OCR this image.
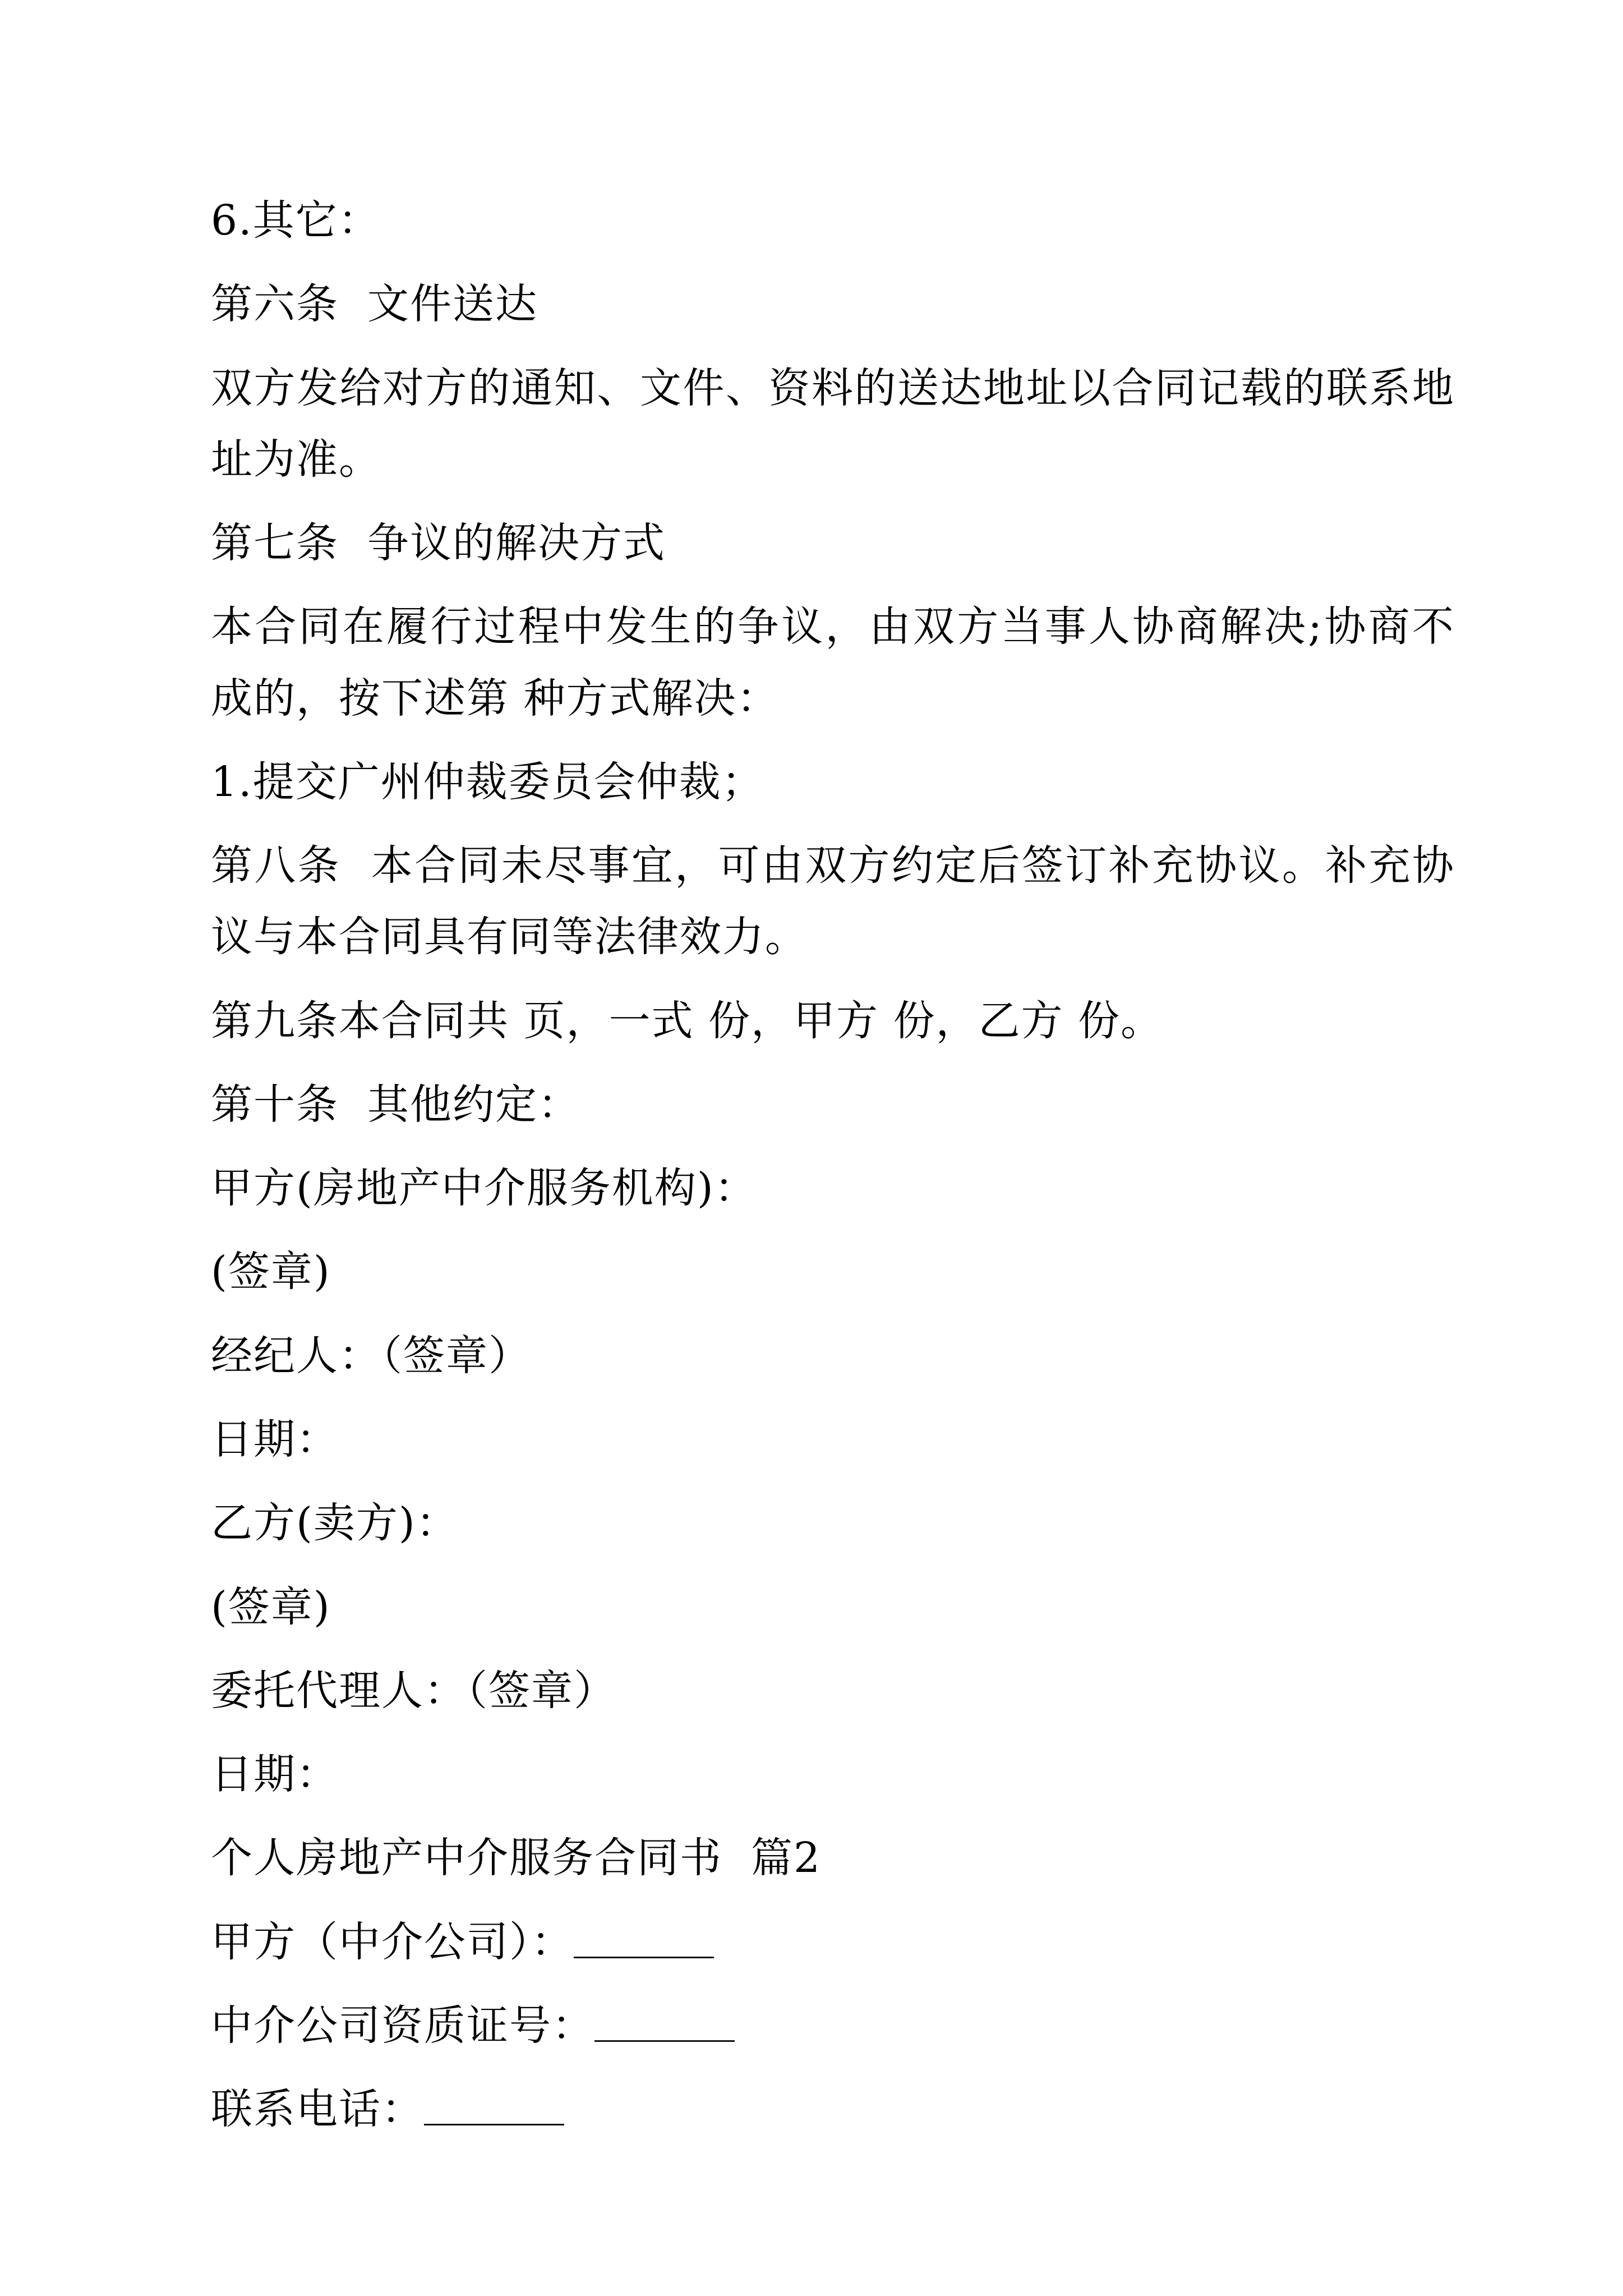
6.其它：

第六条  文件送达

双方发给对方的通知、文件、资料的送达地址以合同记载的联系地址为准。

第七条  争议的解决方式

本合同在履行过程中发生的争议，由双方当事人协商解决;协商不成的，按下述第 种方式解决：

1.提交广州仲裁委员会仲裁；

第八条  本合同未尽事宜，可由双方约定后签订补充协议。补充协议与本合同具有同等法律效力。

第九条本合同共 页，一式 份，甲方 份，乙方 份。

第十条  其他约定：

甲方(房地产中介服务机构)：

(签章)

经纪人：（签章）

日期：

乙方(卖方)：

(签章)

委托代理人：（签章）

日期：

个人房地产中介服务合同书  篇2

甲方（中介公司）：

中介公司资质证号：

联系电话：
